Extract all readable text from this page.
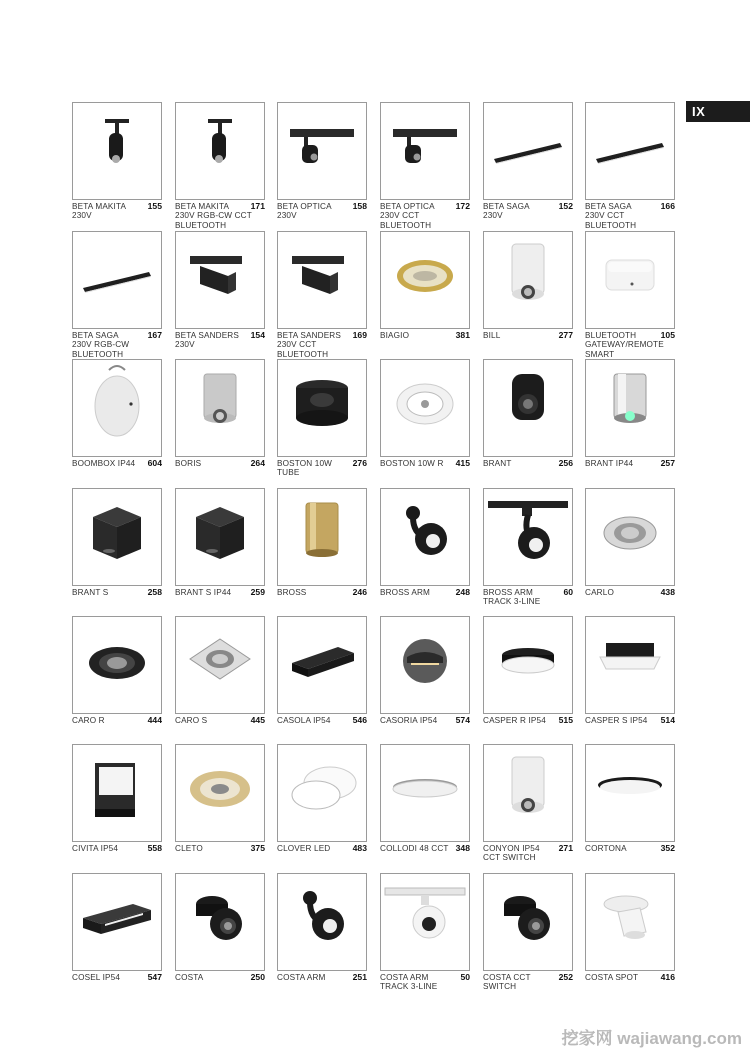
IX
BETA MAKITA
230V
155 BETA MAKITA
230V RGB-CW CCT
BLUETOOTH
171 BETA OPTICA
230V
158 BETA OPTICA
230V CCT
BLUETOOTH
172 BETA SAGA
230V
152 BETA SAGA
230V CCT
BLUETOOTH
166
BETA SAGA
230V RGB-CW
BLUETOOTH
167 BETA SANDERS
230V
154 BETA SANDERS
230V CCT
BLUETOOTH
169 BIAGIO	381 BILL	277 BLUETOOTH
GATEWAY/REMOTE
SMART
105
BOOMBOX IP44	604 BORIS	264 BOSTON 10W
TUBE
276 BOSTON 10W R	415 BRANT	256 BRANT IP44	257
BRANT S	258 BRANT S IP44	259 BROSS	246 BROSS ARM	248 BROSS ARM
TRACK 3-LINE
60 CARLO	438
CARO R	444 CARO S	445 CASOLA IP54	546 CASORIA IP54	574 CASPER R IP54	515 CASPER S IP54	514
CIVITA IP54	558 CLETO	375 CLOVER LED	483 COLLODI 48 CCT 348 CONYON IP54
CCT SWITCH
271 CORTONA	352
COSEL IP54	547 COSTA	250 COSTA ARM	251 COSTA ARM
TRACK 3-LINE
50 COSTA CCT
SWITCH
252 COSTA SPOT	416
挖家网 wajiawang.com
